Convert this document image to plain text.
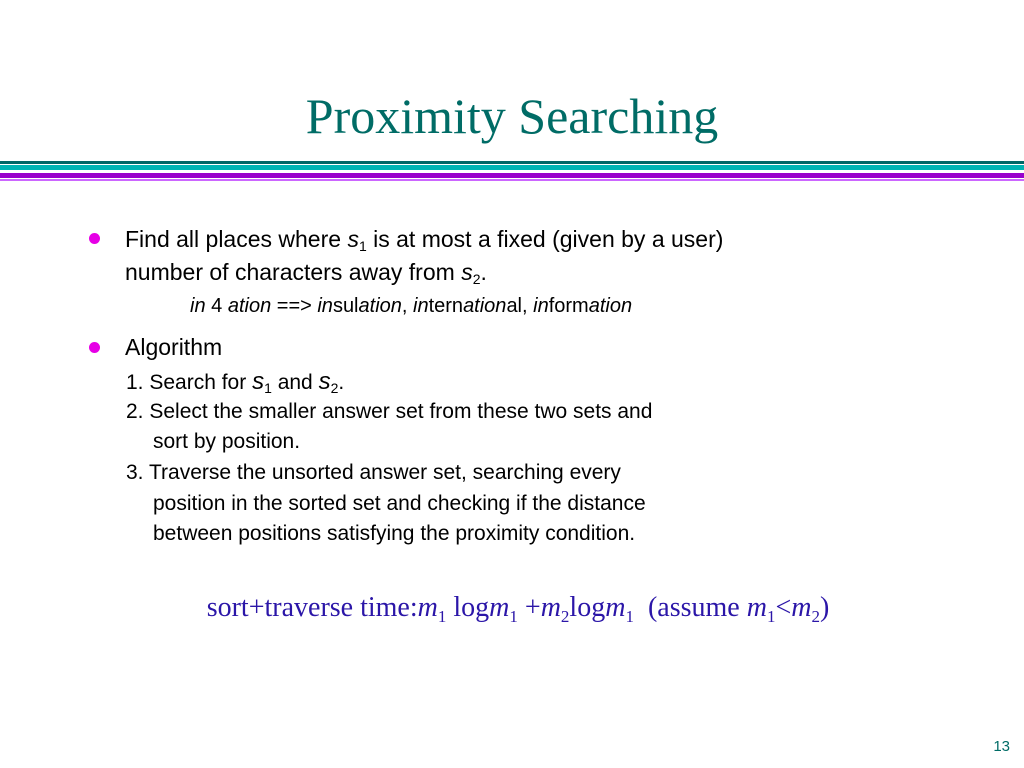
Proximity Searching
Find all places where $s_1$ is at most a fixed (given by a user)
number of characters away from $s_2$.
in 4 ation ==> insulation, international, information
Algorithm
1. Search for $s_1$ and $s_2$.
2. Select the smaller answer set from these two sets and
sort by position.
3. Traverse the unsorted answer set, searching every
position in the sorted set and checking if the distance
between positions satisfying the proximity condition.
sort+traverse $time:m_1$ $\log m_1 +m_2\log m_1$  (assume $m_1<m_2$)
13
